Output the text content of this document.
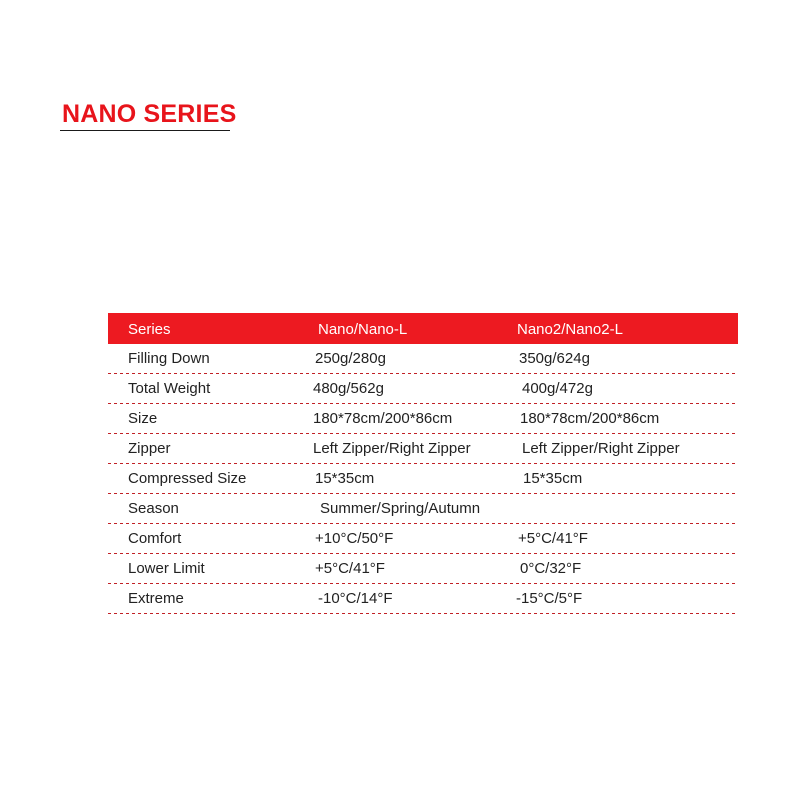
NANO SERIES
Series	Nano/Nano-L	Nano2/Nano2-L
Filling Down	250g/280g	350g/624g
Total Weight	480g/562g	400g/472g
Size	180*78cm/200*86cm	180*78cm/200*86cm
Zipper	Left Zipper/Right Zipper	Left Zipper/Right Zipper
Compressed Size	15*35cm	15*35cm
Season	Summer/Spring/Autumn
Comfort	+10°C/50°F	+5°C/41°F
Lower Limit	+5°C/41°F	0°C/32°F
Extreme	-10°C/14°F	-15°C/5°F
